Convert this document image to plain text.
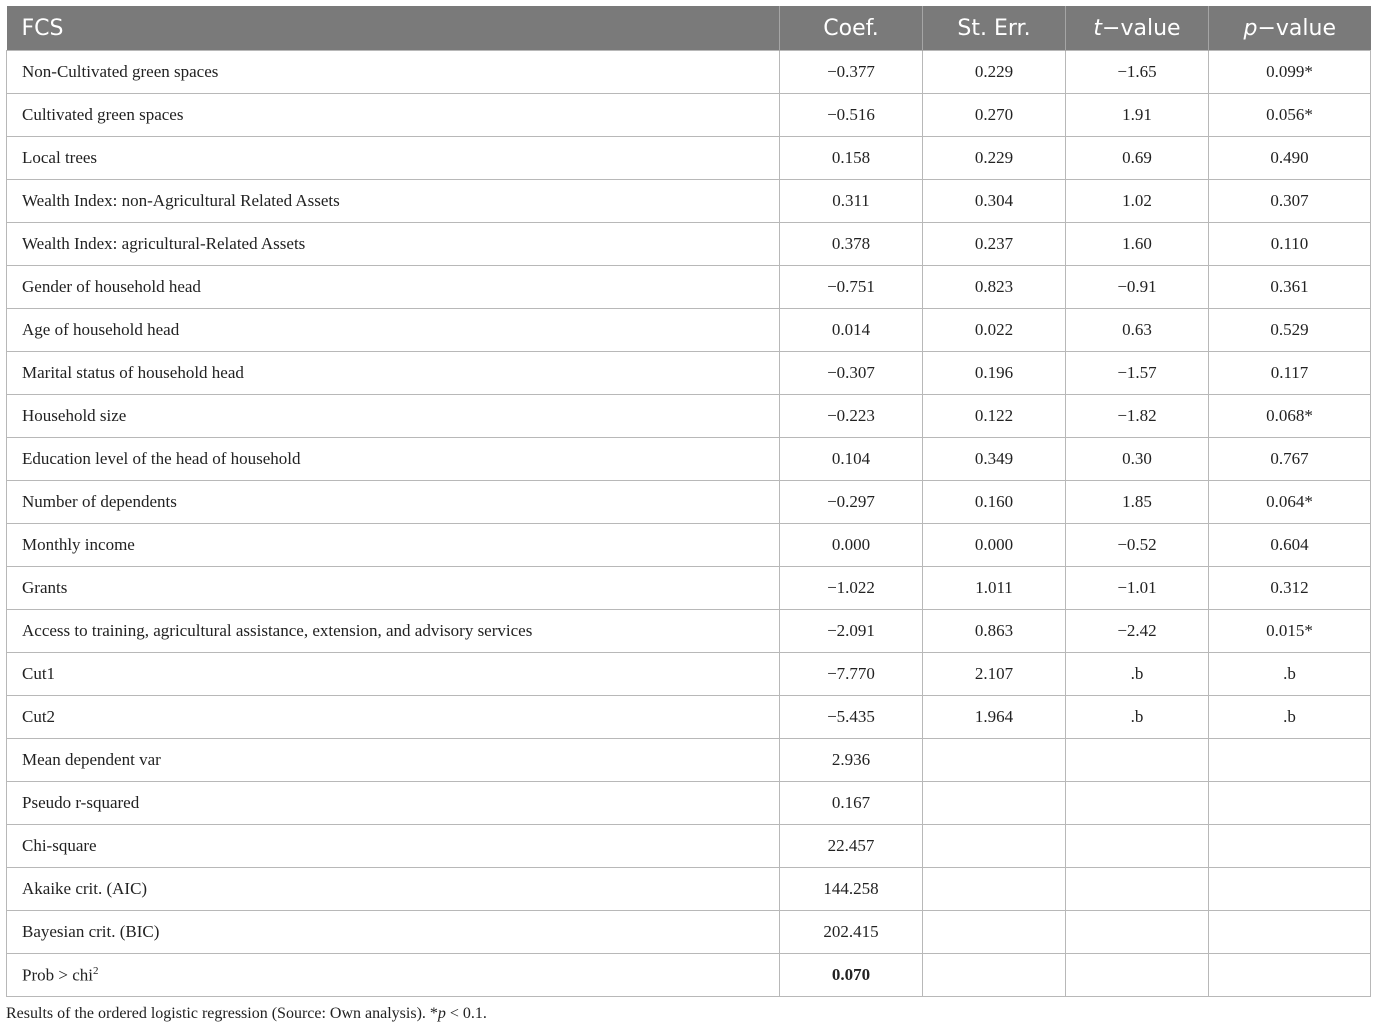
FCS	Coef.	St. Err.	t−value	p−value
Non-Cultivated green spaces	−0.377	0.229	−1.65	0.099*
Cultivated green spaces	−0.516	0.270	1.91	0.056*
Local trees	0.158	0.229	0.69	0.490
Wealth Index: non-Agricultural Related Assets	0.311	0.304	1.02	0.307
Wealth Index: agricultural-Related Assets	0.378	0.237	1.60	0.110
Gender of household head	−0.751	0.823	−0.91	0.361
Age of household head	0.014	0.022	0.63	0.529
Marital status of household head	−0.307	0.196	−1.57	0.117
Household size	−0.223	0.122	−1.82	0.068*
Education level of the head of household	0.104	0.349	0.30	0.767
Number of dependents	−0.297	0.160	1.85	0.064*
Monthly income	0.000	0.000	−0.52	0.604
Grants	−1.022	1.011	−1.01	0.312
Access to training, agricultural assistance, extension, and advisory services	−2.091	0.863	−2.42	0.015*
Cut1	−7.770	2.107	.b	.b
Cut2	−5.435	1.964	.b	.b
Mean dependent var	2.936			
Pseudo r-squared	0.167			
Chi-square	22.457			
Akaike crit. (AIC)	144.258			
Bayesian crit. (BIC)	202.415			
Prob > chi$^2$	0.070			
Results of the ordered logistic regression (Source: Own analysis). *p < 0.1.
